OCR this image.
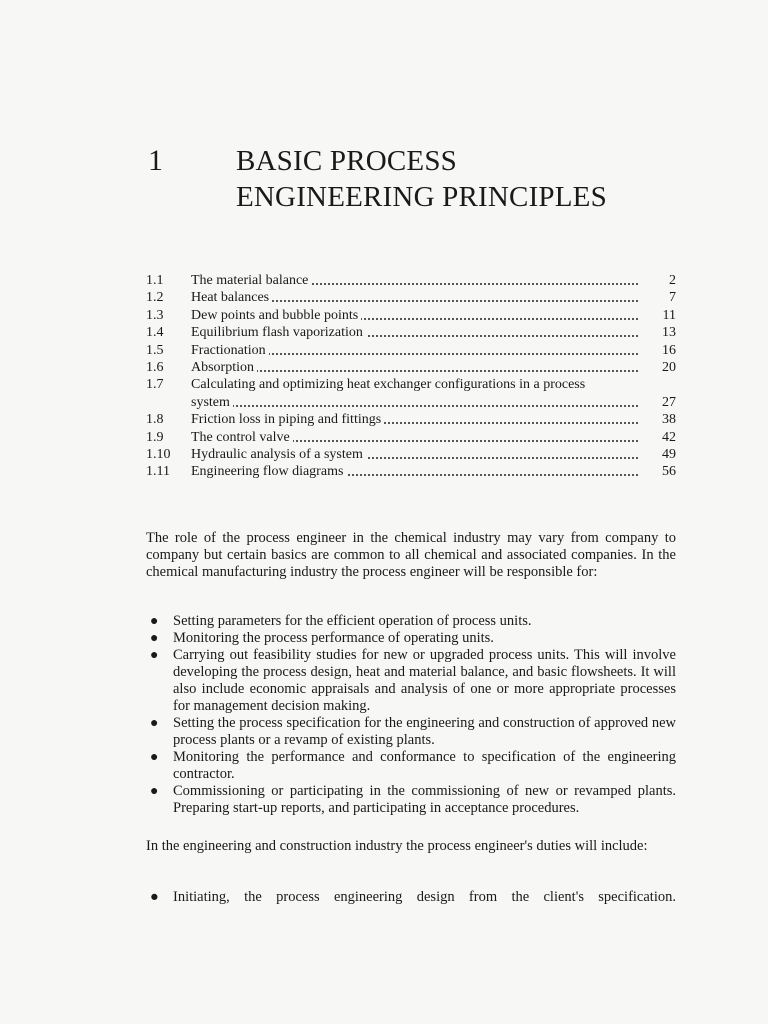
1	BASIC PROCESS
ENGINEERING PRINCIPLES
1.1	The material balance	2
1.2	Heat balances	7
1.3	Dew points and bubble points	11
1.4	Equilibrium flash vaporization	13
1.5	Fractionation	16
1.6	Absorption	20
1.7	Calculating and optimizing heat exchanger configurations in a process
system	27
1.8	Friction loss in piping and fittings	38
1.9	The control valve	42
1.10	Hydraulic analysis of a system	49
1.11	Engineering flow diagrams	56
The role of the process engineer in the chemical industry may vary from company to company but certain basics are common to all chemical and associated companies. In the chemical manufacturing industry the process engineer will be responsible for:
● Setting parameters for the efficient operation of process units.
● Monitoring the process performance of operating units.
● Carrying out feasibility studies for new or upgraded process units. This will involve developing the process design, heat and material balance, and basic flowsheets. It will also include economic appraisals and analysis of one or more appropriate processes for management decision making.
● Setting the process specification for the engineering and construction of approved new process plants or a revamp of existing plants.
● Monitoring the performance and conformance to specification of the engineering contractor.
● Commissioning or participating in the commissioning of new or revamped plants. Preparing start-up reports, and participating in acceptance procedures.
In the engineering and construction industry the process engineer's duties will include:
● Initiating, the process engineering design from the client's specification.
